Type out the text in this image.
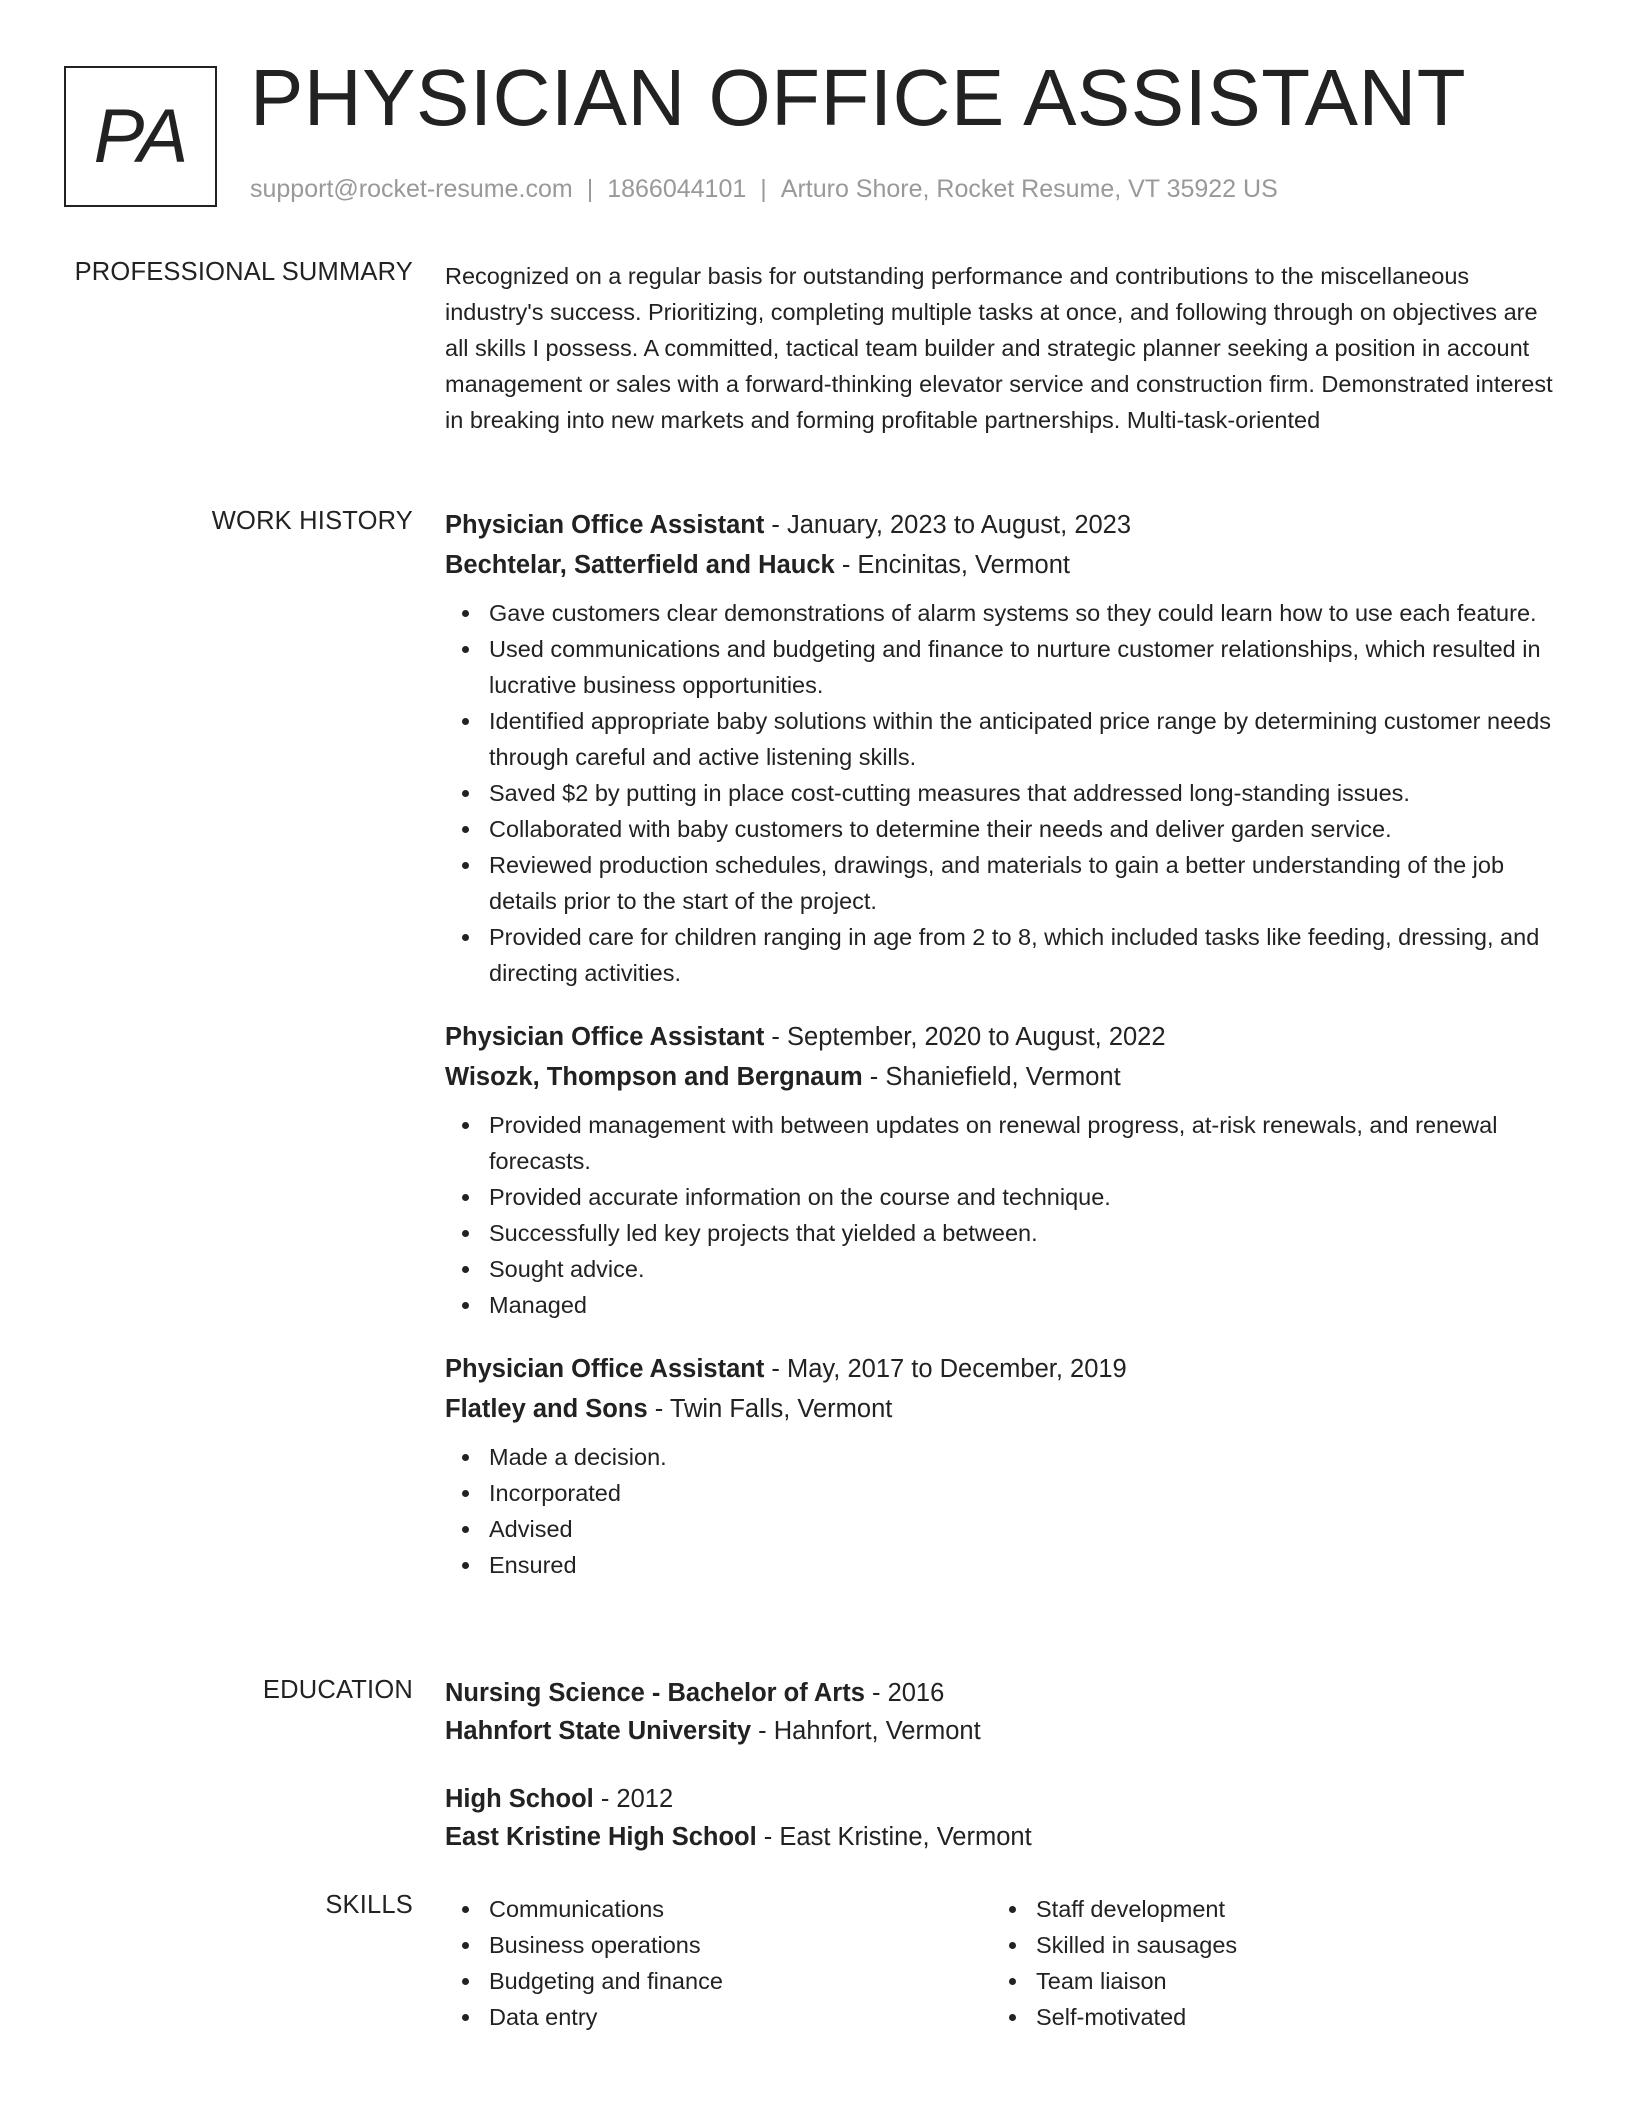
PA PHYSICIAN OFFICE ASSISTANT
support@rocket-resume.com | 1866044101 | Arturo Shore, Rocket Resume, VT 35922 US
PROFESSIONAL SUMMARY Recognized on a regular basis for outstanding performance and contributions to the miscellaneous industry's success. Prioritizing, completing multiple tasks at once, and following through on objectives are all skills I possess. A committed, tactical team builder and strategic planner seeking a position in account management or sales with a forward-thinking elevator service and construction firm. Demonstrated interest in breaking into new markets and forming profitable partnerships. Multi-task-oriented

WORK HISTORY Physician Office Assistant - January, 2023 to August, 2023
Bechtelar, Satterfield and Hauck - Encinitas, Vermont
Gave customers clear demonstrations of alarm systems so they could learn how to use each feature.
Used communications and budgeting and finance to nurture customer relationships, which resulted in lucrative business opportunities.
Identified appropriate baby solutions within the anticipated price range by determining customer needs through careful and active listening skills.
Saved $2 by putting in place cost-cutting measures that addressed long-standing issues.
Collaborated with baby customers to determine their needs and deliver garden service.
Reviewed production schedules, drawings, and materials to gain a better understanding of the job details prior to the start of the project.
Provided care for children ranging in age from 2 to 8, which included tasks like feeding, dressing, and directing activities.
Physician Office Assistant - September, 2020 to August, 2022
Wisozk, Thompson and Bergnaum - Shaniefield, Vermont
Provided management with between updates on renewal progress, at-risk renewals, and renewal forecasts.
Provided accurate information on the course and technique.
Successfully led key projects that yielded a between.
Sought advice.
Managed
Physician Office Assistant - May, 2017 to December, 2019
Flatley and Sons - Twin Falls, Vermont
Made a decision.
Incorporated
Advised
Ensured
EDUCATION Nursing Science - Bachelor of Arts - 2016
Hahnfort State University - Hahnfort, Vermont
High School - 2012
East Kristine High School - East Kristine, Vermont
SKILLS	Communications
Business operations
Budgeting and finance
Data entry
Staff development
Skilled in sausages
Team liaison
Self-motivated
